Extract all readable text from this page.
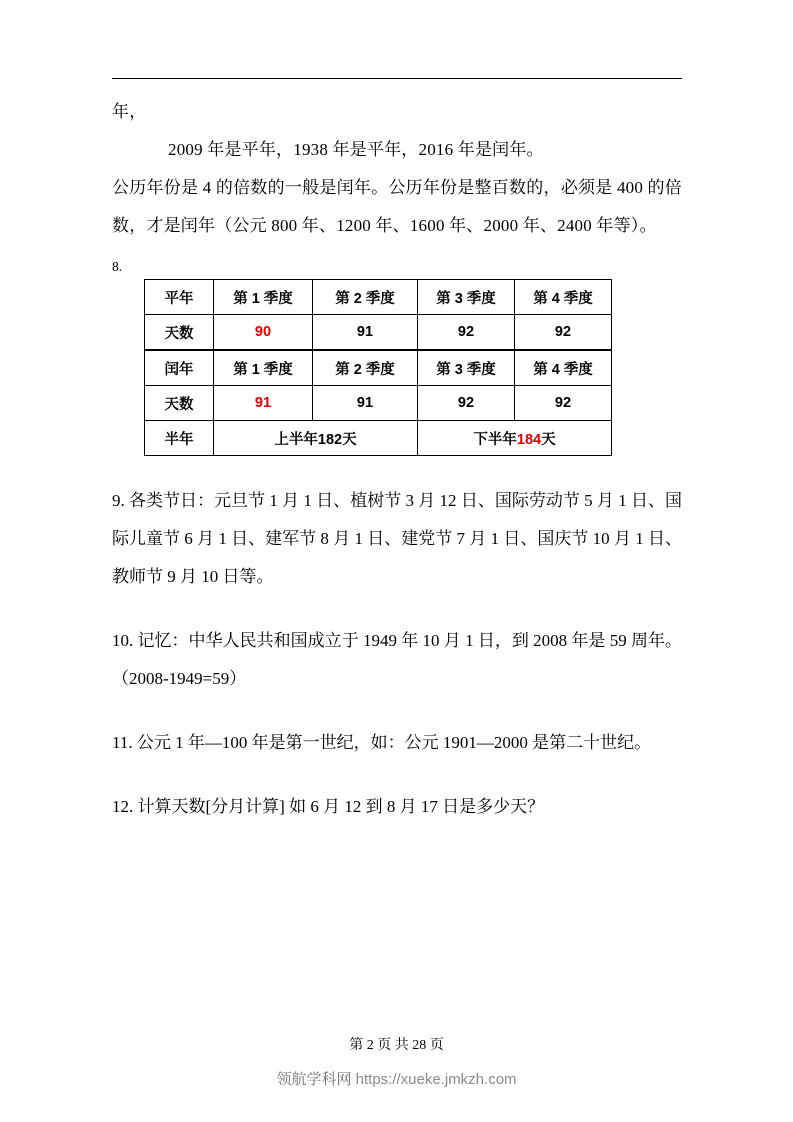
年，

2009 年是平年，1938 年是平年，2016 年是闰年。

公历年份是 4 的倍数的一般是闰年。公历年份是整百数的，必须是 400 的倍数，才是闰年（公元 800 年、1200 年、1600 年、2000 年、2400 年等）。

8.
平年	第 1 季度	第 2 季度	第 3 季度	第 4 季度
天数	90	91	92	92
闰年	第 1 季度	第 2 季度	第 3 季度	第 4 季度
天数	91	91	92	92
半年	上半年182天		下半年184天	

9. 各类节日：元旦节 1 月 1 日、植树节 3 月 12 日、国际劳动节 5 月 1 日、国际儿童节 6 月 1 日、建军节 8 月 1 日、建党节 7 月 1 日、国庆节 10 月 1 日、教师节 9 月 10 日等。

10. 记忆：中华人民共和国成立于 1949 年 10 月 1 日，到 2008 年是 59 周年。（2008-1949=59）

11. 公元 1 年—100 年是第一世纪，如：公元 1901—2000 是第二十世纪。

12. 计算天数[分月计算] 如 6 月 12 到 8 月 17 日是多少天？

第 2 页 共 28 页
领航学科网 https://xueke.jmkzh.com
